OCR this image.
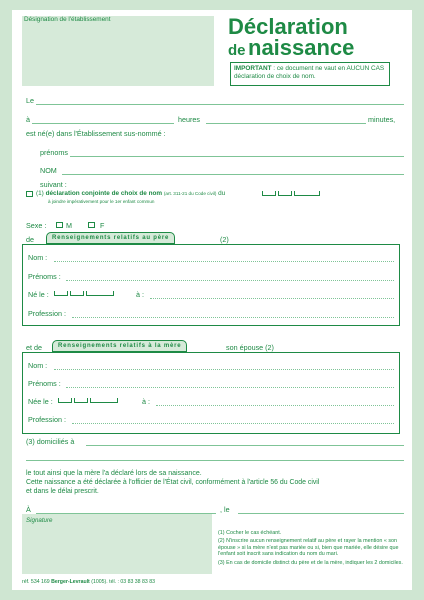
Désignation de l'établissement	Déclaration
de naissance
IMPORTANT : ce document ne vaut en AUCUN CAS déclaration de choix de nom.
Le
à	heures	minutes,
est né(e) dans l'Établissement sus-nommé :
prénoms
NOM
suivant :
(1) déclaration conjointe de choix de nom (art. 311-21 du Code civil) du
à joindre impérativement pour le 1er enfant commun
Sexe :	M	F
de	Renseignements relatifs au père	(2)
Nom :
Prénoms :
Né le :	à :
Profession :
et de	Renseignements relatifs à la mère	son épouse (2)
Nom :
Prénoms :
Née le :	à :
Profession :
(3) domiciliés à
le tout ainsi que la mère l'a déclaré lors de sa naissance.
Cette naissance a été déclarée à l'officier de l'État civil, conformément à l'article 56 du Code civil
et dans le délai prescrit.
À	, le
Signature
(1) Cocher le cas échéant.
(2) N'inscrire aucun renseignement relatif au père et rayer la mention « son épouse » si la mère n'est pas mariée ou si, bien que mariée, elle désire que l'enfant soit inscrit sans indication du nom du mari.
(3) En cas de domicile distinct du père et de la mère, indiquer les 2 domiciles.
réf. 534 169 Berger-Levrault (1005). tél. : 03 83 38 83 83
